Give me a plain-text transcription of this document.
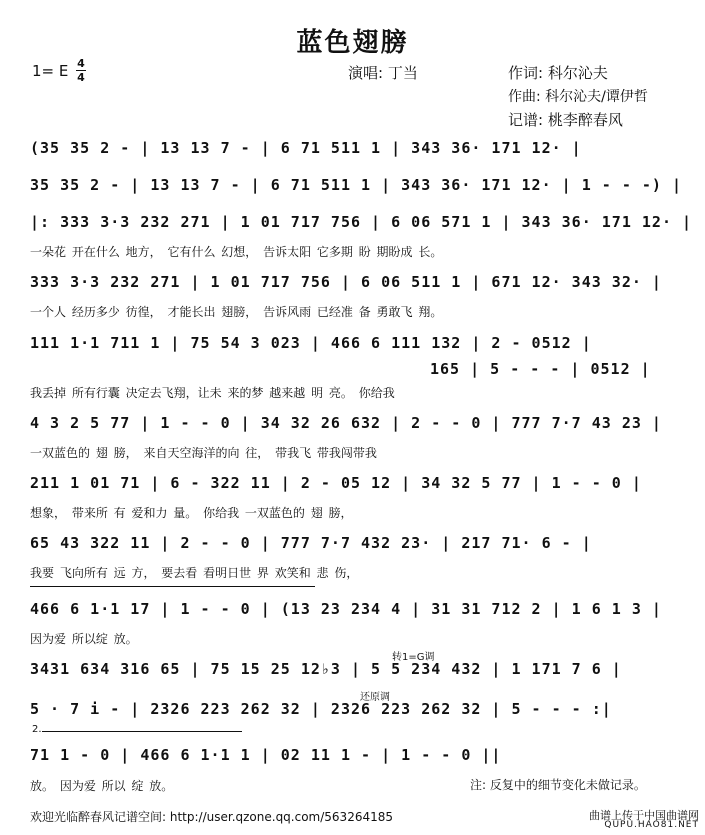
蓝色翅膀
1= E 4
4	演唱: 丁当	作词: 科尔沁夫
作曲: 科尔沁夫/谭伊哲
记谱: 桃李醉春风
(35 35 2 - | 13 13 7 - | 6 71 511 1 | 343 36· 171 12· |
35 35 2 - | 13 13 7 - | 6 71 511 1 | 343 36· 171 12· | 1 - - -) |
|: 333 3·3 232 271 | 1 01 717 756 | 6 06 571 1 | 343 36· 171 12· |
一朵花 开在什么 地方， 它有什么 幻想， 告诉太阳 它多期 盼 期盼成 长。
333 3·3 232 271 | 1 01 717 756 | 6 06 511 1 | 671 12· 343 32· |
一个人 经历多少 彷徨， 才能长出 翅膀， 告诉风雨 已经准 备 勇敢飞 翔。
111 1·1 711 1 | 75 54 3 023 | 466 6 111 132 | 2 - 0512 |
165 | 5 - - - | 0512 |
我丢掉 所有行囊 决定去飞翔，让未 来的梦 越来越 明 亮。 你给我
4 3 2 5 77 | 1 - - 0 | 34 32 26 632 | 2 - - 0 | 777 7·7 43 23 |
一双蓝色的 翅 膀， 来自天空海洋的向 往， 带我飞 带我闯带我
211 1 01 71 | 6 - 322 11 | 2 - 05 12 | 34 32 5 77 | 1 - - 0 |
想象， 带来所 有 爱和力 量。 你给我 一双蓝色的 翅 膀，
65 43 322 11 | 2 - - 0 | 777 7·7 432 23· | 217 71· 6 - |
我要 飞向所有 远 方， 要去看 看明日世 界 欢笑和 悲 伤，
466 6 1·1 17 | 1 - - 0 | (13 23 234 4 | 31 31 712 2 | 1 6 1 3 |
因为爱 所以绽 放。
转1=G调
3431 634 316 65 | 75 15 25 12♭3 | 5 5 234 432 | 1 171 7 6 |
还原调
5 · 7 i - | 2326 223 262 32 | 2326 223 262 32 | 5 - - - :|
2.
71 1 - 0 | 466 6 1·1 1 | 02 11 1 - | 1 - - 0 ||
放。 因为爱 所以 绽 放。	注: 反复中的细节变化未做记录。
欢迎光临醉春风记谱空间: http://user.qzone.qq.com/563264185	曲谱上传于中国曲谱网
QUPU.HAO81.NET
